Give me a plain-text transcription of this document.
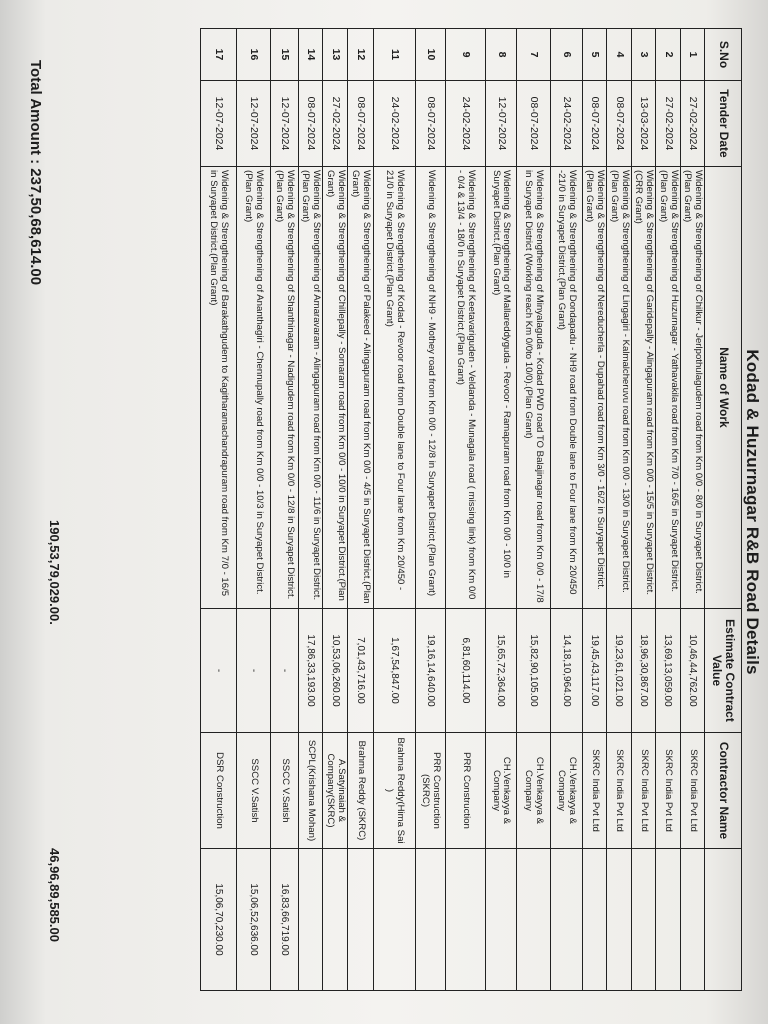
Kodad & Huzurnagar R&B Road Details
S.No	Tender Date	Name of Work	Estimate Contract Value	Contractor Name	
1	27-02-2024	Widening & Strengthening of Chilkur - Jerlpothulagudem road from Km 0/0 - 8/0 in Suryapet District.(Plan Grant)	10,46,44,762.00	SKRC India Pvt Ltd	
2	27-02-2024	Widening & Strengthening of Huzurnagar - Yathavakila road from Km 7/0 - 16/5 in Suryapet District.(Plan Grant)	13,69,13,059.00	SKRC India Pvt Ltd	
3	13-03-2024	Widening & Strengthening of Garidepally - Alingapuram road from Km 0/0 - 15/5 in Suryapet District.(CRR Grant)	18,96,30,867.00	SKRC India Pvt Ltd	
4	08-07-2024	Widening & Strengthening of Lingagiri - Kalmalcheruvu road from Km 0/0 - 13/0 in Suryapet District.(Plan Grant)	19,23,61,021.00	SKRC India Pvt Ltd	
5	08-07-2024	Widening & Strengthening of Nereducherla - Dupahad road from Km 3/0 - 16/2 in Suryapet District.(Plan Grant)	19,45,43,117.00	SKRC India Pvt Ltd	
6	24-02-2024	Widening & Strengthening of Dondapadu - NH9 road from Double lane to Four lane from Km 20/450 -21/0 in Suryapet District.(Plan Grant)	14,18,10,964.00	CH.Venkayya & Company	
7	08-07-2024	Widening & Strengthening of Minyalaguda - Kodad PWD road TO Balajinagar road from Km 0/0 - 17/8 in Suryapet District (Working reach Km 0/0to 10/0).(Plan Grant)	15,82,90,105.00	CH.Venkayya & Company	
8	12-07-2024	Widening & Strengthening of Mallareddyguda - Revoor - Ramapuram road from Km 0/0 - 10/0 in Suryapet District.(Plan Grant)	15,65,72,364.00	CH.Venkayya & Company	
9	24-02-2024	Widening & Strengthening of Keetavariguden - Veldanda - Munagala road ( missing link) from Km 0/0 - 0/4 & 13/4 - 18/0 in Suryapet District.(Plan Grant)	6,81,60,114.00	PRR Construction	
10	08-07-2024	Widening & Strengthening of NH9 - Mothey road from Km 0/0 - 12/8 in Suryapet District.(Plan Grant)	19,16,14,640.00	PRR Construction (SKRC)	
11	24-02-2024	Widening & Strengthening of Kodad - Revoor road from Double lane to Four lane from Km 20/450 - 21/0 in Suryapet District.(Plan Grant)	1,67,54,847.00	Brahma Reddy(Hima Sai )	
12	08-07-2024	Widening & Strengthening of Palakeed - Alingapuram road from Km 0/0 - 4/5 in Suryapet District.(Plan Grant)	7,01,43,716.00	Brahma Reddy (SKRC)	
13	27-02-2024	Widening & Strengthening of Chillepally - Somaram road from Km 0/0 - 10/0 in Suryapet District.(Plan Grant)	10,53,06,260.00	A.Satyinaiah & Company(SKRC)	
14	08-07-2024	Widening & Strengthening of Amaravaram - Alingapuram road from Km 0/0 - 11/6 in Suryapet District.(Plan Grant)	17,86,33,193.00	SCPL(Krishana Mohan)	
15	12-07-2024	Widening & Strengthening of Shanthinagar - Nadigudem road from Km 0/0 - 12/8 in Suryapet District.(Plan Grant)	-	SSCC V.Satish	16,83,66,719.00
16	12-07-2024	Widening & Strengthening of Ananthagiri - Chennupally road from Km 0/0 - 10/3 in Suryapet District.(Plan Grant)	-	SSCC V.Satish	15,06,52,636.00
17	12-07-2024	Widening & Strengthening of Barakathgudem to Kagitharamachandrapuram road from Km 7/0 - 16/5 in Suryapet District.(Plan Grant)	-	DSR Construction	15,06,70,230.00
190,53,79,029.00.
46,96,89,585.00
Total Amount : 237,50,68,614.00
